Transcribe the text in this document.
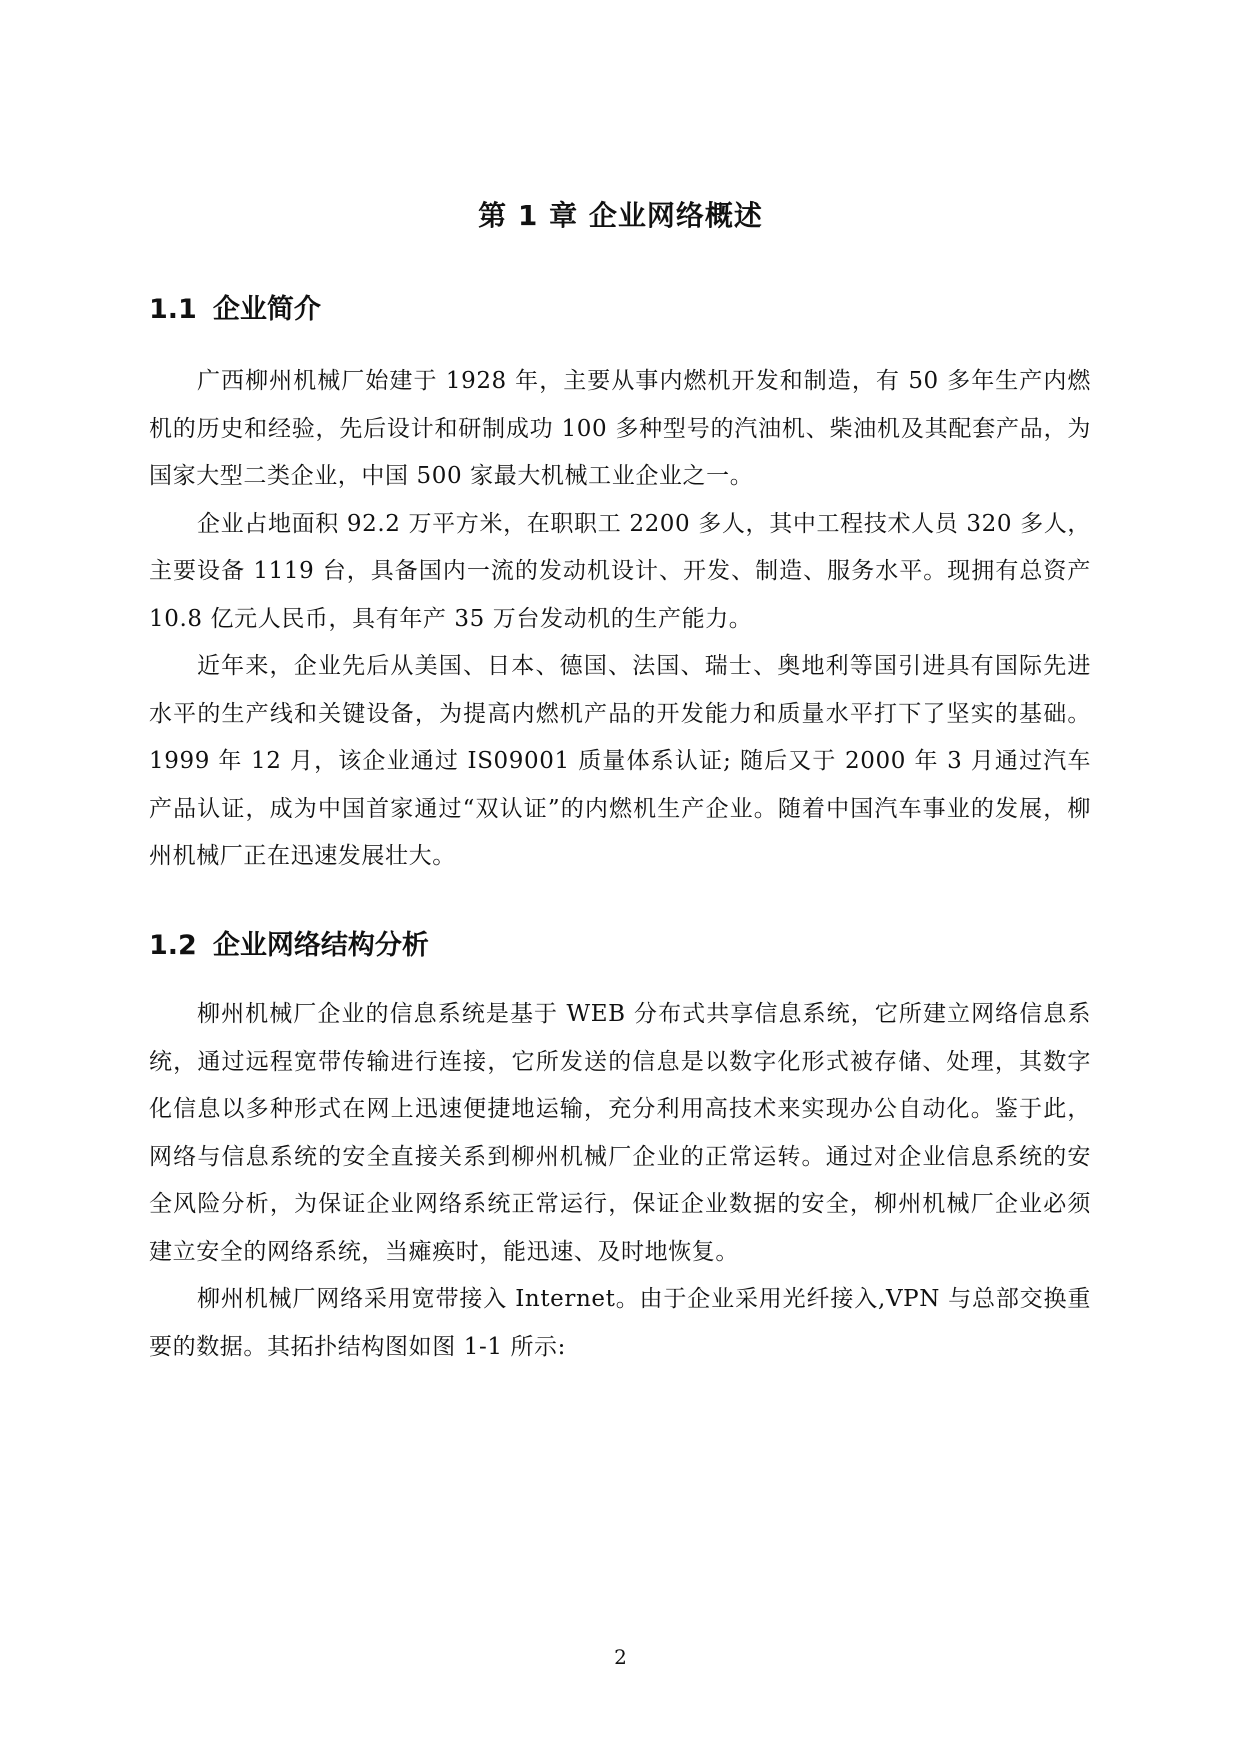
第 1 章 企业网络概述
1.1 企业简介

广西柳州机械厂始建于 1928 年，主要从事内燃机开发和制造，有 50 多年生产内燃机的历史和经验，先后设计和研制成功 100 多种型号的汽油机、柴油机及其配套产品，为国家大型二类企业，中国 500 家最大机械工业企业之一。

企业占地面积 92.2 万平方米，在职职工 2200 多人，其中工程技术人员 320 多人，主要设备 1119 台，具备国内一流的发动机设计、开发、制造、服务水平。现拥有总资产 10.8 亿元人民币，具有年产 35 万台发动机的生产能力。

近年来，企业先后从美国、日本、德国、法国、瑞士、奥地利等国引进具有国际先进水平的生产线和关键设备，为提高内燃机产品的开发能力和质量水平打下了坚实的基础。1999 年 12 月，该企业通过 IS09001 质量体系认证; 随后又于 2000 年 3 月通过汽车产品认证，成为中国首家通过“双认证”的内燃机生产企业。随着中国汽车事业的发展，柳州机械厂正在迅速发展壮大。

1.2 企业网络结构分析

柳州机械厂企业的信息系统是基于 WEB 分布式共享信息系统，它所建立网络信息系统，通过远程宽带传输进行连接，它所发送的信息是以数字化形式被存储、处理，其数字化信息以多种形式在网上迅速便捷地运输，充分利用高技术来实现办公自动化。鉴于此，网络与信息系统的安全直接关系到柳州机械厂企业的正常运转。通过对企业信息系统的安全风险分析，为保证企业网络系统正常运行，保证企业数据的安全，柳州机械厂企业必须建立安全的网络系统，当瘫痪时，能迅速、及时地恢复。

柳州机械厂网络采用宽带接入 Internet。由于企业采用光纤接入,VPN 与总部交换重要的数据。其拓扑结构图如图 1-1 所示:

2
